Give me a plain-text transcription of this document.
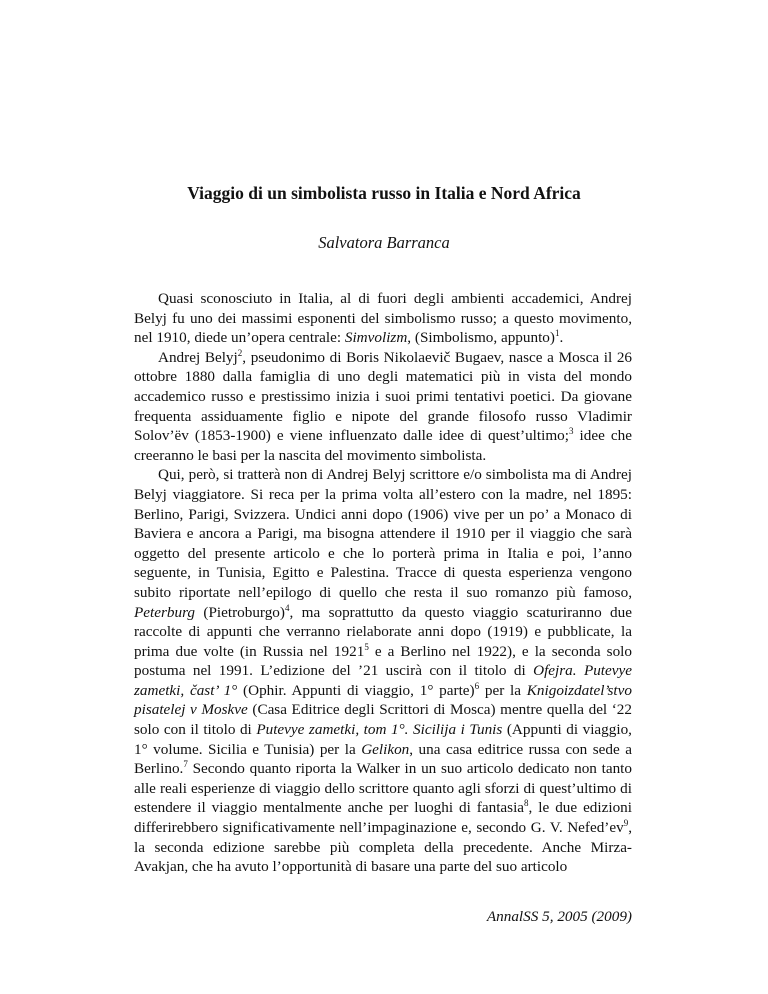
Viaggio di un simbolista russo in Italia e Nord Africa

Salvatora Barranca

Quasi sconosciuto in Italia, al di fuori degli ambienti accademici, Andrej Belyj fu uno dei massimi esponenti del simbolismo russo; a questo movimento, nel 1910, diede un’opera centrale: Simvolizm, (Simbolismo, appunto)$^1$.

Andrej Belyj$^2$, pseudonimo di Boris Nikolaevič Bugaev, nasce a Mosca il 26 ottobre 1880 dalla famiglia di uno degli matematici più in vista del mondo accademico russo e prestissimo inizia i suoi primi tentativi poetici. Da giovane frequenta assiduamente figlio e nipote del grande filosofo russo Vladimir Solov’ëv (1853-1900) e viene influenzato dalle idee di quest’ultimo;$^3$ idee che creeranno le basi per la nascita del movimento simbolista.

Qui, però, si tratterà non di Andrej Belyj scrittore e/o simbolista ma di Andrej Belyj viaggiatore. Si reca per la prima volta all’estero con la madre, nel 1895: Berlino, Parigi, Svizzera. Undici anni dopo (1906) vive per un po’ a Monaco di Baviera e ancora a Parigi, ma bisogna attendere il 1910 per il viaggio che sarà oggetto del presente articolo e che lo porterà prima in Italia e poi, l’anno seguente, in Tunisia, Egitto e Palestina. Tracce di questa esperienza vengono subito riportate nell’epilogo di quello che resta il suo romanzo più famoso, Peterburg (Pietroburgo)$^4$, ma soprattutto da questo viaggio scaturiranno due raccolte di appunti che verranno rielaborate anni dopo (1919) e pubblicate, la prima due volte (in Russia nel 1921$^5$ e a Berlino nel 1922), e la seconda solo postuma nel 1991. L’edizione del ’21 uscirà con il titolo di Ofejra. Putevye zametki, čast’ 1° (Ophir. Appunti di viaggio, 1° parte)$^6$ per la Knigoizdatel’stvo pisatelej v Moskve (Casa Editrice degli Scrittori di Mosca) mentre quella del ‘22 solo con il titolo di Putevye zametki, tom 1°. Sicilija i Tunis (Appunti di viaggio, 1° volume. Sicilia e Tunisia) per la Gelikon, una casa editrice russa con sede a Berlino.$^7$ Secondo quanto riporta la Walker in un suo articolo dedicato non tanto alle reali esperienze di viaggio dello scrittore quanto agli sforzi di quest’ultimo di estendere il viaggio mentalmente anche per luoghi di fantasia$^8$, le due edizioni differirebbero significativamente nell’impaginazione e, secondo G. V. $Nefed’ev^9$, la seconda edizione sarebbe più completa della precedente. Anche Mirza-Avakjan, che ha avuto l’opportunità di basare una parte del suo articolo

AnnalSS 5, 2005 (2009)
